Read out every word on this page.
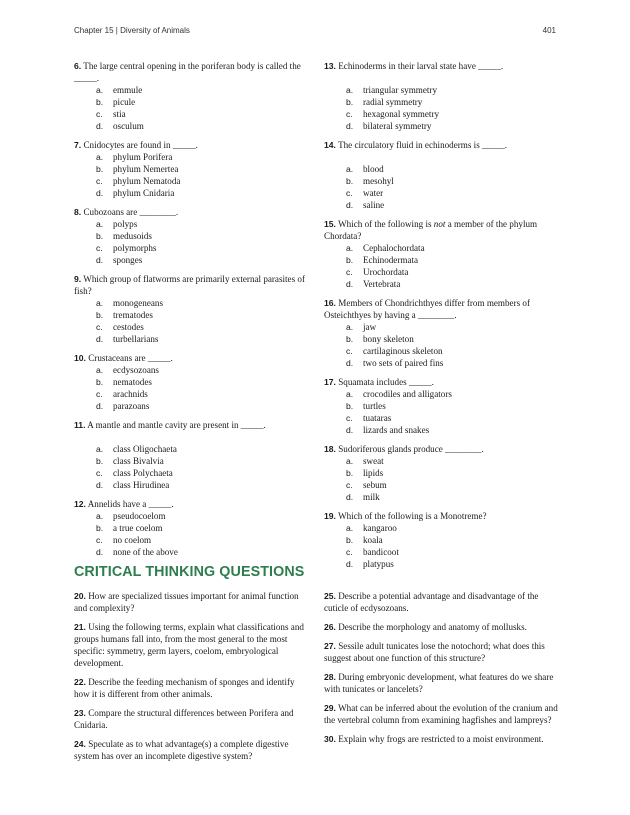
Chapter 15 | Diversity of Animals	401

6. The large central opening in the poriferan body is called the _____.

a. emmule
b. picule
c. stia
d. osculum

7. Cnidocytes are found in _____.

a. phylum Porifera
b. phylum Nemertea
c. phylum Nematoda
d. phylum Cnidaria

8. Cubozoans are ________.

a. polyps
b. medusoids
c. polymorphs
d. sponges

9. Which group of flatworms are primarily external parasites of fish?

a. monogeneans
b. trematodes
c. cestodes
d. turbellarians

10. Crustaceans are _____.

a. ecdysozoans
b. nematodes
c. arachnids
d. parazoans

11. A mantle and mantle cavity are present in _____.

a. class Oligochaeta
b. class Bivalvia
c. class Polychaeta
d. class Hirudinea

12. Annelids have a _____.

a. pseudocoelom
b. a true coelom
c. no coelom
d. none of the above

13. Echinoderms in their larval state have _____.

a. triangular symmetry
b. radial symmetry
c. hexagonal symmetry
d. bilateral symmetry

14. The circulatory fluid in echinoderms is _____.

a. blood
b. mesohyl
c. water
d. saline

15. Which of the following is not a member of the phylum Chordata?

a. Cephalochordata
b. Echinodermata
c. Urochordata
d. Vertebrata

16. Members of Chondrichthyes differ from members of Osteichthyes by having a ________.

a. jaw
b. bony skeleton
c. cartilaginous skeleton
d. two sets of paired fins

17. Squamata includes _____.

a. crocodiles and alligators
b. turtles
c. tuataras
d. lizards and snakes

18. Sudoriferous glands produce ________.

a. sweat
b. lipids
c. sebum
d. milk

19. Which of the following is a Monotreme?

a. kangaroo
b. koala
c. bandicoot
d. platypus
CRITICAL THINKING QUESTIONS

20. How are specialized tissues important for animal function and complexity?

21. Using the following terms, explain what classifications and groups humans fall into, from the most general to the most specific: symmetry, germ layers, coelom, embryological development.

22. Describe the feeding mechanism of sponges and identify how it is different from other animals.

23. Compare the structural differences between Porifera and Cnidaria.

24. Speculate as to what advantage(s) a complete digestive system has over an incomplete digestive system?

25. Describe a potential advantage and disadvantage of the cuticle of ecdysozoans.

26. Describe the morphology and anatomy of mollusks.

27. Sessile adult tunicates lose the notochord; what does this suggest about one function of this structure?

28. During embryonic development, what features do we share with tunicates or lancelets?

29. What can be inferred about the evolution of the cranium and the vertebral column from examining hagfishes and lampreys?

30. Explain why frogs are restricted to a moist environment.
